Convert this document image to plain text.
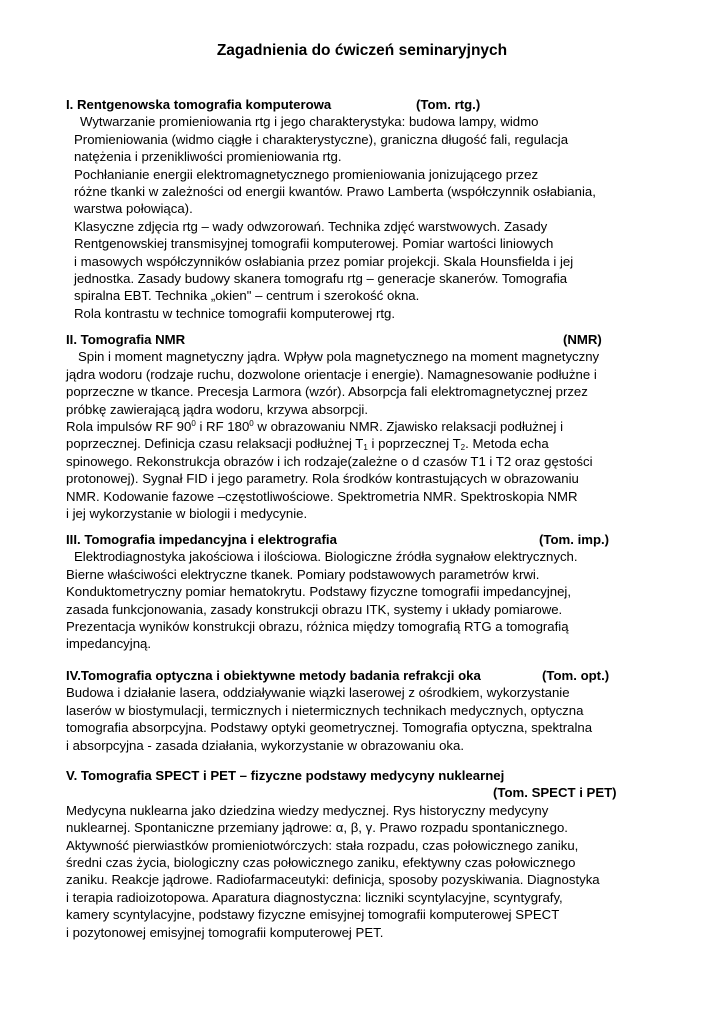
Zagadnienia do ćwiczeń seminaryjnych
I. Rentgenowska tomografia komputerowa	(Tom. rtg.)
Wytwarzanie promieniowania rtg i jego charakterystyka: budowa lampy, widmo
Promieniowania (widmo ciągłe i charakterystyczne), graniczna długość fali, regulacja
natężenia i przenikliwości promieniowania rtg.
Pochłanianie energii elektromagnetycznego promieniowania jonizującego przez
różne tkanki w zależności od energii kwantów. Prawo Lamberta (współczynnik osłabiania,
warstwa połowiąca).
Klasyczne zdjęcia rtg – wady odwzorowań. Technika zdjęć warstwowych. Zasady
Rentgenowskiej transmisyjnej tomografii komputerowej. Pomiar wartości liniowych
i masowych współczynników osłabiania przez pomiar projekcji. Skala Hounsfielda i jej
jednostka. Zasady budowy skanera tomografu rtg – generacje skanerów. Tomografia
spiralna EBT. Technika „okien" – centrum i szerokość okna.
Rola kontrastu w technice tomografii komputerowej rtg.
II. Tomografia NMR	(NMR)
Spin i moment magnetyczny jądra. Wpływ pola magnetycznego na moment magnetyczny
jądra wodoru (rodzaje ruchu, dozwolone orientacje i energie). Namagnesowanie podłużne i
poprzeczne w tkance. Precesja Larmora (wzór). Absorpcja fali elektromagnetycznej przez
próbkę zawierającą jądra wodoru, krzywa absorpcji.
Rola impulsów RF $90^0$ i RF $180^0$ w obrazowaniu NMR. Zjawisko relaksacji podłużnej i
poprzecznej. Definicja czasu relaksacji podłużnej $T_1$ i poprzecznej $T_2$. Metoda echa
spinowego. Rekonstrukcja obrazów i ich rodzaje(zależne o d czasów T1 i T2 oraz gęstości
protonowej). Sygnał FID i jego parametry. Rola środków kontrastujących w obrazowaniu
NMR. Kodowanie fazowe –częstotliwościowe. Spektrometria NMR. Spektroskopia NMR
i jej wykorzystanie w biologii i medycynie.
III. Tomografia impedancyjna i elektrografia	(Tom. imp.)
Elektrodiagnostyka jakościowa i ilościowa. Biologiczne źródła sygnałow elektrycznych.
Bierne właściwości elektryczne tkanek. Pomiary podstawowych parametrów krwi.
Konduktometryczny pomiar hematokrytu. Podstawy fizyczne tomografii impedancyjnej,
zasada funkcjonowania, zasady konstrukcji obrazu ITK, systemy i układy pomiarowe.
Prezentacja wyników konstrukcji obrazu, różnica między tomografią RTG a tomografią
impedancyjną.
IV.Tomografia optyczna i obiektywne metody badania refrakcji oka	(Tom. opt.)
Budowa i działanie lasera, oddziaływanie wiązki laserowej z ośrodkiem, wykorzystanie
laserów w biostymulacji, termicznych i nietermicznych technikach medycznych, optyczna
tomografia absorpcyjna. Podstawy optyki geometrycznej. Tomografia optyczna, spektralna
i absorpcyjna - zasada działania, wykorzystanie w obrazowaniu oka.
V. Tomografia SPECT i PET – fizyczne podstawy medycyny nuklearnej
(Tom. SPECT i PET)
Medycyna nuklearna jako dziedzina wiedzy medycznej. Rys historyczny medycyny
nuklearnej. Spontaniczne przemiany jądrowe: α, β, γ. Prawo rozpadu spontanicznego.
Aktywność pierwiastków promieniotwórczych: stała rozpadu, czas połowicznego zaniku,
średni czas życia, biologiczny czas połowicznego zaniku, efektywny czas połowicznego
zaniku. Reakcje jądrowe. Radiofarmaceutyki: definicja, sposoby pozyskiwania. Diagnostyka
i terapia radioizotopowa. Aparatura diagnostyczna: liczniki scyntylacyjne, scyntygrafy,
kamery scyntylacyjne, podstawy fizyczne emisyjnej tomografii komputerowej SPECT
i pozytonowej emisyjnej tomografii komputerowej PET.
